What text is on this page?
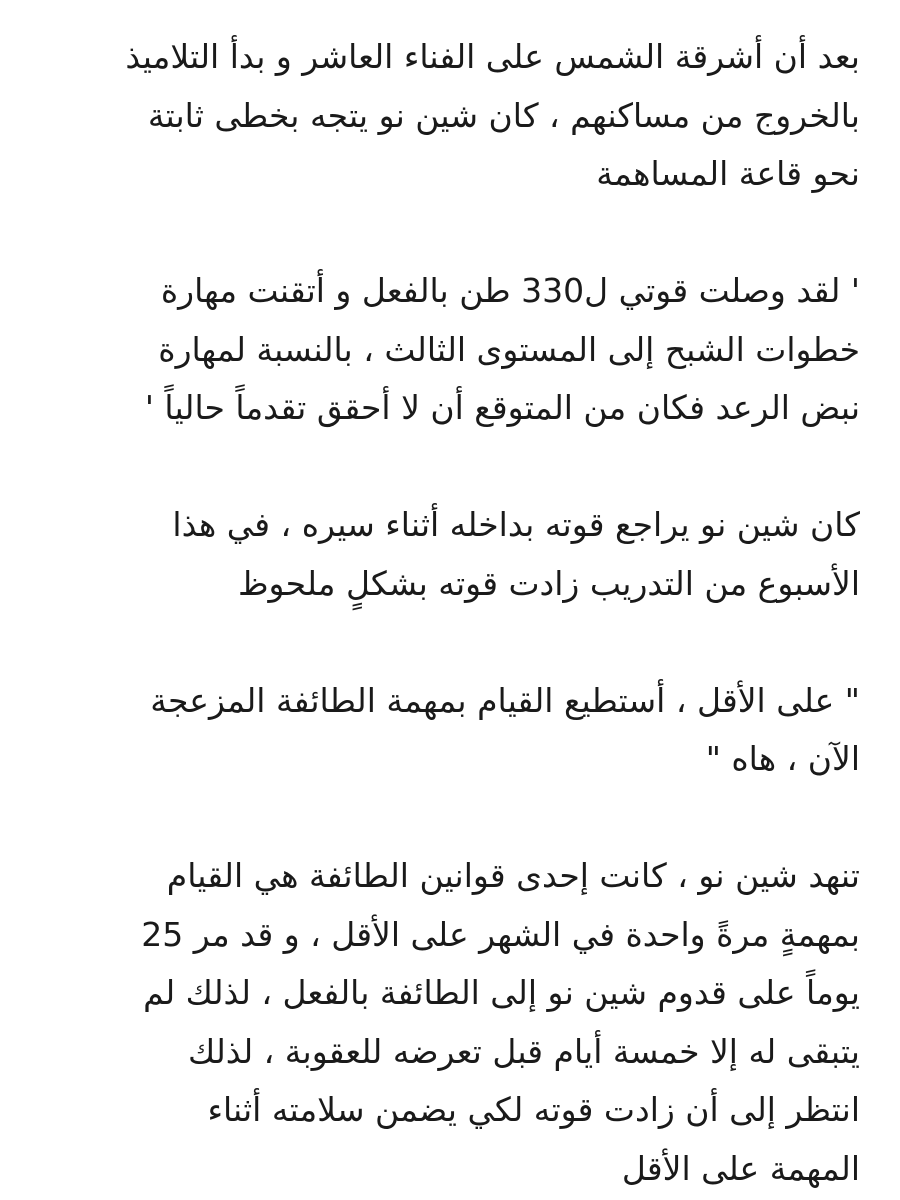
بعد أن أشرقة الشمس على الفناء العاشر و بدأ التلاميذ
بالخروج من مساكنهم ، كان شين نو يتجه بخطى ثابتة
نحو قاعة المساهمة
' لقد وصلت قوتي ل330 طن بالفعل و أتقنت مهارة
خطوات الشبح إلى المستوى الثالث ، بالنسبة لمهارة
نبض الرعد فكان من المتوقع أن لا أحقق تقدماً حالياً '
كان شين نو يراجع قوته بداخله أثناء سيره ، في هذا
الأسبوع من التدريب زادت قوته بشكلٍ ملحوظ
" على الأقل ، أستطيع القيام بمهمة الطائفة المزعجة
الآن ، هاه "
تنهد شين نو ، كانت إحدى قوانين الطائفة هي القيام
بمهمةٍ مرةً واحدة في الشهر على الأقل ، و قد مر 25
يوماً على قدوم شين نو إلى الطائفة بالفعل ، لذلك لم
يتبقى له إلا خمسة أيام قبل تعرضه للعقوبة ، لذلك
انتظر إلى أن زادت قوته لكي يضمن سلامته أثناء
المهمة على الأقل
